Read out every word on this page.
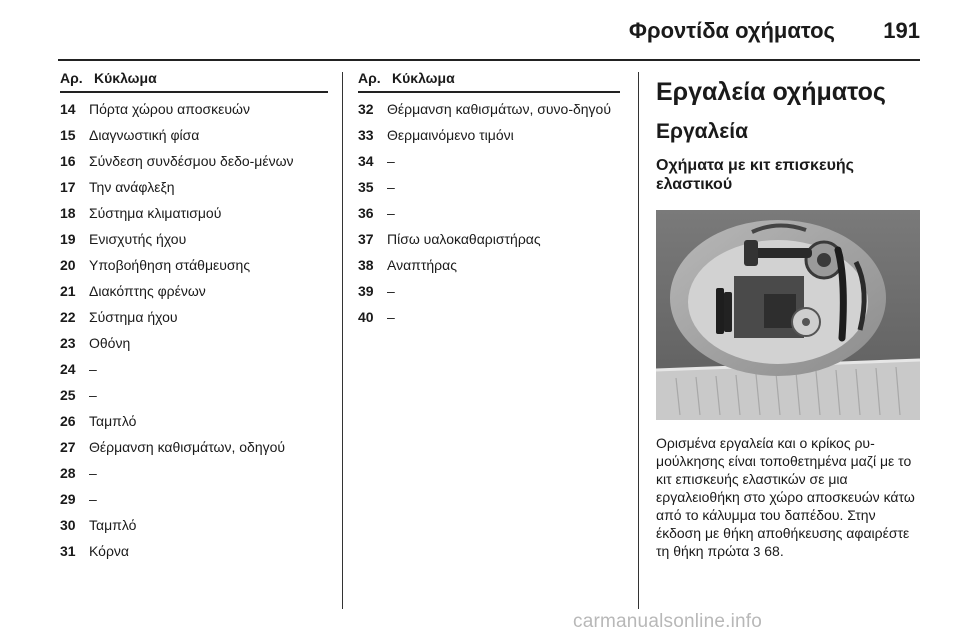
Φροντίδα οχήματος 191
Αρ. Κύκλωμα
14 Πόρτα χώρου αποσκευών
15 Διαγνωστική φίσα
16 Σύνδεση συνδέσμου δεδο-μένων
17 Την ανάφλεξη
18 Σύστημα κλιματισμού
19 Ενισχυτής ήχου
20 Υποβοήθηση στάθμευσης
21 Διακόπτης φρένων
22 Σύστημα ήχου
23 Οθόνη
24 –
25 –
26 Ταμπλό
27 Θέρμανση καθισμάτων, οδηγού
28 –
29 –
30 Ταμπλό
31 Κόρνα
Αρ. Κύκλωμα
32 Θέρμανση καθισμάτων, συνο-δηγού
33 Θερμαινόμενο τιμόνι
34 –
35 –
36 –
37 Πίσω υαλοκαθαριστήρας
38 Αναπτήρας
39 –
40 –
Εργαλεία οχήματος
Εργαλεία
Οχήματα με κιτ επισκευής ελαστικού
Ορισμένα εργαλεία και ο κρίκος ρυ-μούλκησης είναι τοποθετημένα μαζί με το κιτ επισκευής ελαστικών σε μια εργαλειοθήκη στο χώρο αποσκευών κάτω από το κάλυμμα του δαπέδου. Στην έκδοση με θήκη αποθήκευσης αφαιρέστε τη θήκη πρώτα 3 68.
carmanualsonline.info
